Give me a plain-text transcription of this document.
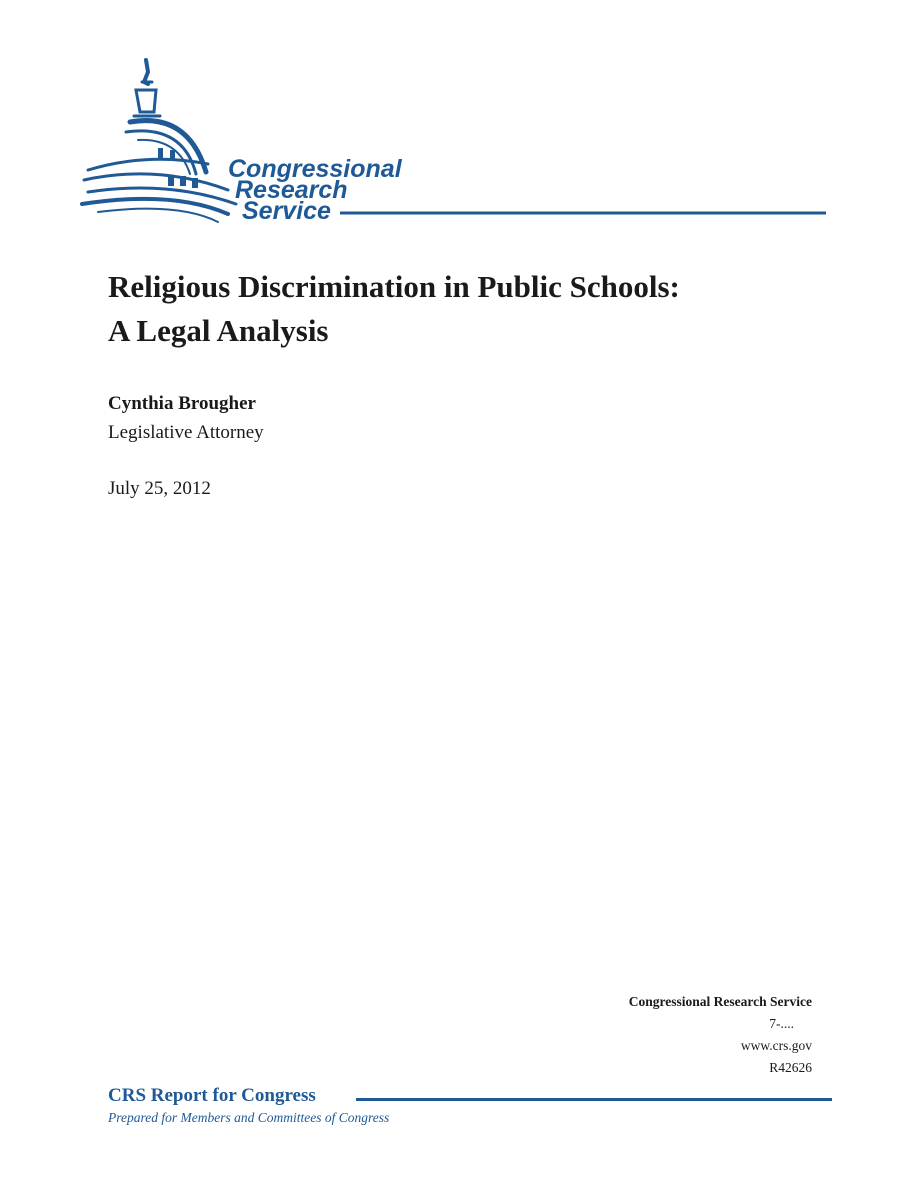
Congressional
Research
Service
Religious Discrimination in Public Schools:
A Legal Analysis
Cynthia Brougher
Legislative Attorney
July 25, 2012
Congressional Research Service
7-....
www.crs.gov
R42626
CRS Report for Congress
Prepared for Members and Committees of Congress
